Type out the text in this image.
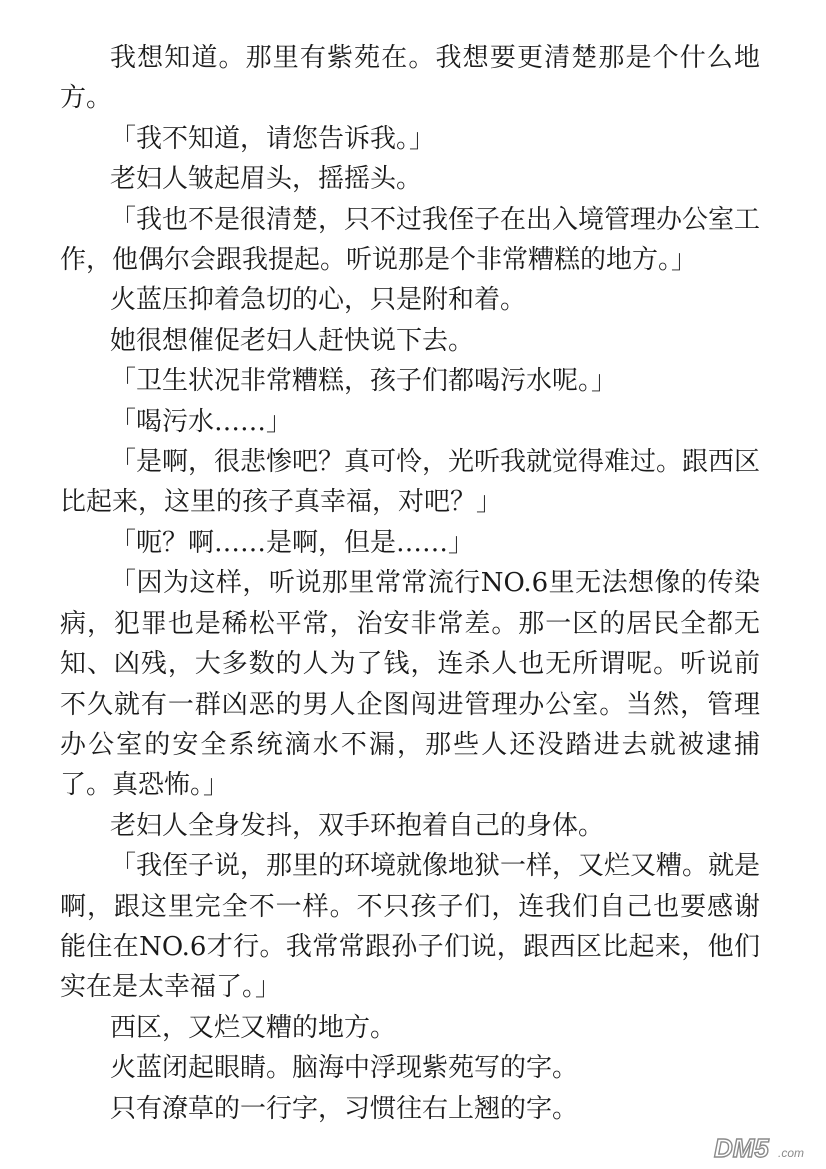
我想知道。那里有紫苑在。我想要更清楚那是个什么地方。

「我不知道，请您告诉我。」

老妇人皱起眉头，摇摇头。

「我也不是很清楚，只不过我侄子在出入境管理办公室工作，他偶尔会跟我提起。听说那是个非常糟糕的地方。」

火蓝压抑着急切的心，只是附和着。

她很想催促老妇人赶快说下去。

「卫生状况非常糟糕，孩子们都喝污水呢。」

「喝污水……」

「是啊，很悲惨吧？真可怜，光听我就觉得难过。跟西区比起来，这里的孩子真幸福，对吧？」

「呃？啊……是啊，但是……」

「因为这样，听说那里常常流行NO.6里无法想像的传染病，犯罪也是稀松平常，治安非常差。那一区的居民全都无知、凶残，大多数的人为了钱，连杀人也无所谓呢。听说前不久就有一群凶恶的男人企图闯进管理办公室。当然，管理办公室的安全系统滴水不漏，那些人还没踏进去就被逮捕了。真恐怖。」

老妇人全身发抖，双手环抱着自己的身体。

「我侄子说，那里的环境就像地狱一样，又烂又糟。就是啊，跟这里完全不一样。不只孩子们，连我们自己也要感谢能住在NO.6才行。我常常跟孙子们说，跟西区比起来，他们实在是太幸福了。」

西区，又烂又糟的地方。

火蓝闭起眼睛。脑海中浮现紫苑写的字。

只有潦草的一行字，习惯往右上翘的字。

DM5 .com
